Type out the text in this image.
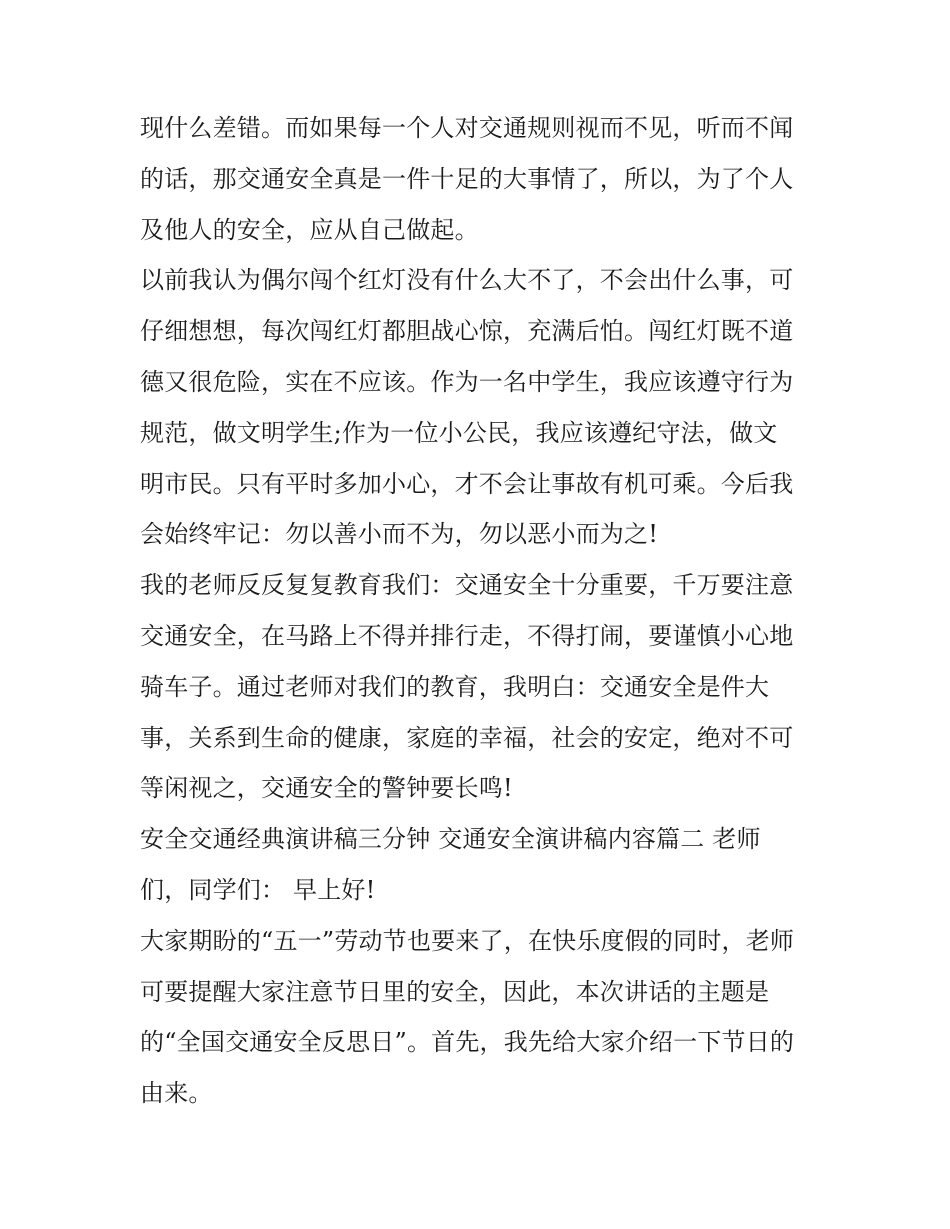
现什么差错。而如果每一个人对交通规则视而不见，听而不闻
的话，那交通安全真是一件十足的大事情了，所以，为了个人
及他人的安全，应从自己做起。
以前我认为偶尔闯个红灯没有什么大不了，不会出什么事，可
仔细想想，每次闯红灯都胆战心惊，充满后怕。闯红灯既不道
德又很危险，实在不应该。作为一名中学生，我应该遵守行为
规范，做文明学生;作为一位小公民，我应该遵纪守法，做文
明市民。只有平时多加小心，才不会让事故有机可乘。今后我
会始终牢记：勿以善小而不为，勿以恶小而为之!
我的老师反反复复教育我们：交通安全十分重要，千万要注意
交通安全，在马路上不得并排行走，不得打闹，要谨慎小心地
骑车子。通过老师对我们的教育，我明白：交通安全是件大
事，关系到生命的健康，家庭的幸福，社会的安定，绝对不可
等闲视之，交通安全的警钟要长鸣!
安全交通经典演讲稿三分钟 交通安全演讲稿内容篇二 老师
们，同学们： 早上好!
大家期盼的“五一”劳动节也要来了，在快乐度假的同时，老师
可要提醒大家注意节日里的安全，因此，本次讲话的主题是
的“全国交通安全反思日”。首先，我先给大家介绍一下节日的
由来。
